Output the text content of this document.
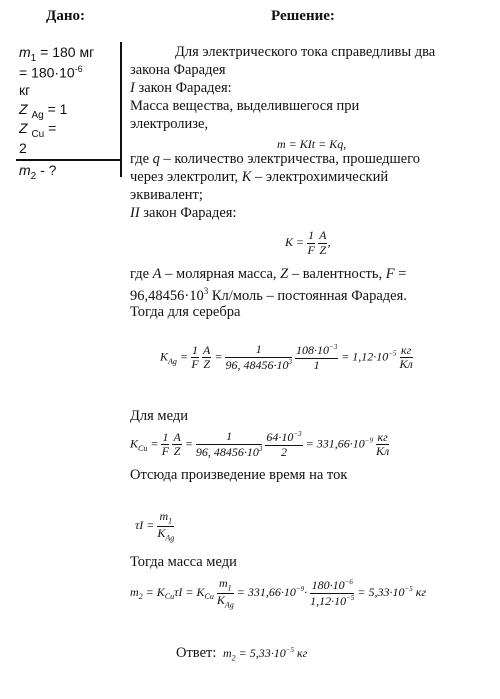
Дано:	Решение:
$m_1 = 180$ мг
= $180\cdot 10^{-6}$
кг
Z $_{Ag}$ = 1
Z $_{Cu}$ =
2
$m_2$ - ?
Для электрического тока справедливы два
закона Фарадея
I закон Фарадея:
Масса вещества, выделившегося при
электролизе,
m = KIt = Kq,
где q – количество электричества, прошедшего
через электролит, K – электрохимический
эквивалент;
II закон Фарадея:
$K = \frac{1}{F}$
$\frac{A}{Z}$ ,
где A – молярная масса, Z – валентность, F =
$96,48456\cdot 10^3$ Кл/моль – постоянная Фарадея.
Тогда для серебра
$K_{Ag} = \frac{1}{F}$
$\frac{A}{Z} = \frac{1}{96, 48456\cdot 10^3}$
$\frac{108\cdot 10^{-3}}{1} = 1,12\cdot 10^{-5} \frac{кг}{Кл}$
Для меди
$K_{Cu} = \frac{1}{F}$
$\frac{A}{Z} = \frac{1}{96, 48456\cdot 10^3}$
$\frac{64\cdot 10^{-3}}{2} = 331,66\cdot 10^{-9} \frac{кг}{Кл}$
Отсюда произведение время на ток
$\tau I = \frac{m_1}{K_{Ag}}$
Тогда масса меди
$m_2 = K_{Cu}\tau I = K_{Cu} \frac{m_1}{K_{Ag}} = 331,66\cdot 10^{-9}\cdot \frac{180\cdot 10^{-6}}{1,12\cdot 10^{-5}} = 5,33\cdot 10^{-5}$ кг
Ответ:  $m_2 = 5,33\cdot 10^{-5}$ кг
